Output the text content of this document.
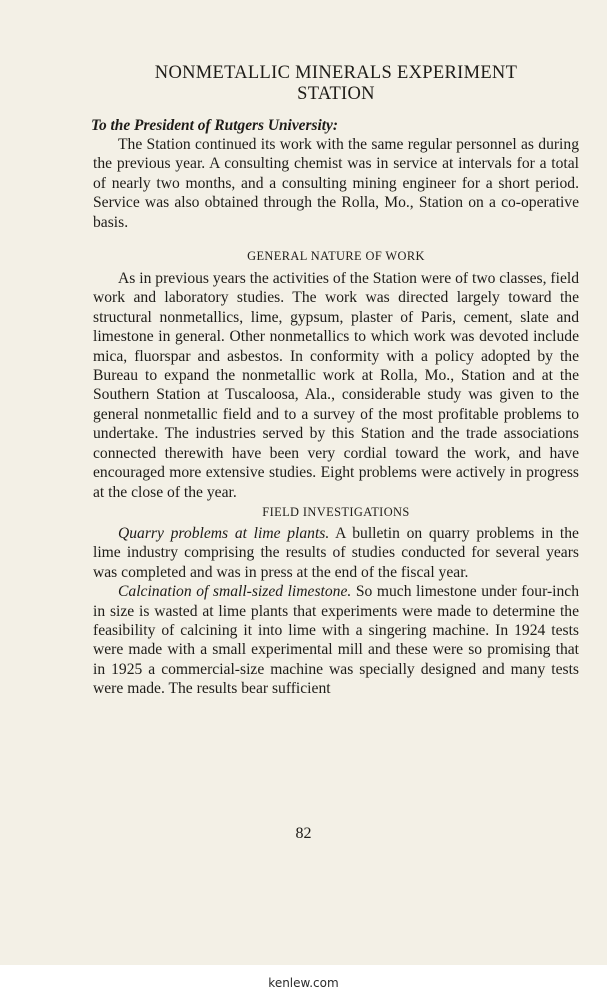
NONMETALLIC MINERALS EXPERIMENT
STATION
To the President of Rutgers University:

The Station continued its work with the same regular personnel as during the previous year. A consulting chemist was in service at intervals for a total of nearly two months, and a consulting mining engineer for a short period. Service was also obtained through the Rolla, Mo., Station on a co-operative basis.

GENERAL NATURE OF WORK

As in previous years the activities of the Station were of two classes, field work and laboratory studies. The work was directed largely toward the structural nonmetallics, lime, gypsum, plaster of Paris, cement, slate and limestone in general. Other nonmetallics to which work was devoted include mica, fluorspar and asbestos. In conformity with a policy adopted by the Bureau to expand the nonmetallic work at Rolla, Mo., Station and at the Southern Station at Tuscaloosa, Ala., considerable study was given to the general nonmetallic field and to a survey of the most profitable problems to undertake. The industries served by this Station and the trade associations connected therewith have been very cordial toward the work, and have encouraged more extensive studies. Eight problems were actively in progress at the close of the year.

FIELD INVESTIGATIONS

Quarry problems at lime plants. A bulletin on quarry problems in the lime industry comprising the results of studies conducted for several years was completed and was in press at the end of the fiscal year.

Calcination of small-sized limestone. So much limestone under four-inch in size is wasted at lime plants that experiments were made to determine the feasibility of calcining it into lime with a singering machine. In 1924 tests were made with a small experimental mill and these were so promising that in 1925 a commercial-size machine was specially designed and many tests were made. The results bear sufficient

82
kenlew.com
